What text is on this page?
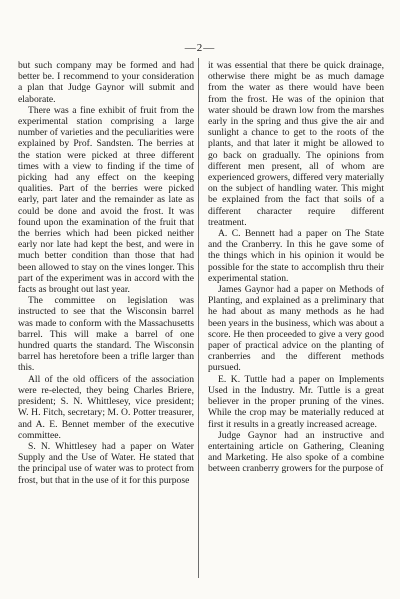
—2—

but such company may be formed and had better be. I recommend to your consideration a plan that Judge Gaynor will submit and elaborate.

There was a fine exhibit of fruit from the experimental station comprising a large number of varieties and the peculiarities were explained by Prof. Sandsten. The berries at the station were picked at three different times with a view to finding if the time of picking had any effect on the keeping qualities. Part of the berries were picked early, part later and the remainder as late as could be done and avoid the frost. It was found upon the examination of the fruit that the berries which had been picked neither early nor late had kept the best, and were in much better condition than those that had been allowed to stay on the vines longer. This part of the experiment was in accord with the facts as brought out last year.

The committee on legislation was instructed to see that the Wisconsin barrel was made to conform with the Massachusetts barrel. This will make a barrel of one hundred quarts the standard. The Wisconsin barrel has heretofore been a trifle larger than this.

All of the old officers of the association were re-elected, they being Charles Briere, president; S. N. Whittlesey, vice president; W. H. Fitch, secretary; M. O. Potter treasurer, and A. E. Bennet member of the executive committee.

S. N. Whittlesey had a paper on Water Supply and the Use of Water. He stated that the principal use of water was to protect from frost, but that in the use of it for this purpose

it was essential that there be quick drainage, otherwise there might be as much damage from the water as there would have been from the frost. He was of the opinion that water should be drawn low from the marshes early in the spring and thus give the air and sunlight a chance to get to the roots of the plants, and that later it might be allowed to go back on gradually. The opinions from different men present, all of whom are experienced growers, differed very materially on the subject of handling water. This might be explained from the fact that soils of a different character require different treatment.

A. C. Bennett had a paper on The State and the Cranberry. In this he gave some of the things which in his opinion it would be possible for the state to accomplish thru their experimental station.

James Gaynor had a paper on Methods of Planting, and explained as a preliminary that he had about as many methods as he had been years in the business, which was about a score. He then proceeded to give a very good paper of practical advice on the planting of cranberries and the different methods pursued.

E. K. Tuttle had a paper on Implements Used in the Industry. Mr. Tuttle is a great believer in the proper pruning of the vines. While the crop may be materially reduced at first it results in a greatly increased acreage.

Judge Gaynor had an instructive and entertaining article on Gathering, Cleaning and Marketing. He also spoke of a combine between cranberry growers for the purpose of
